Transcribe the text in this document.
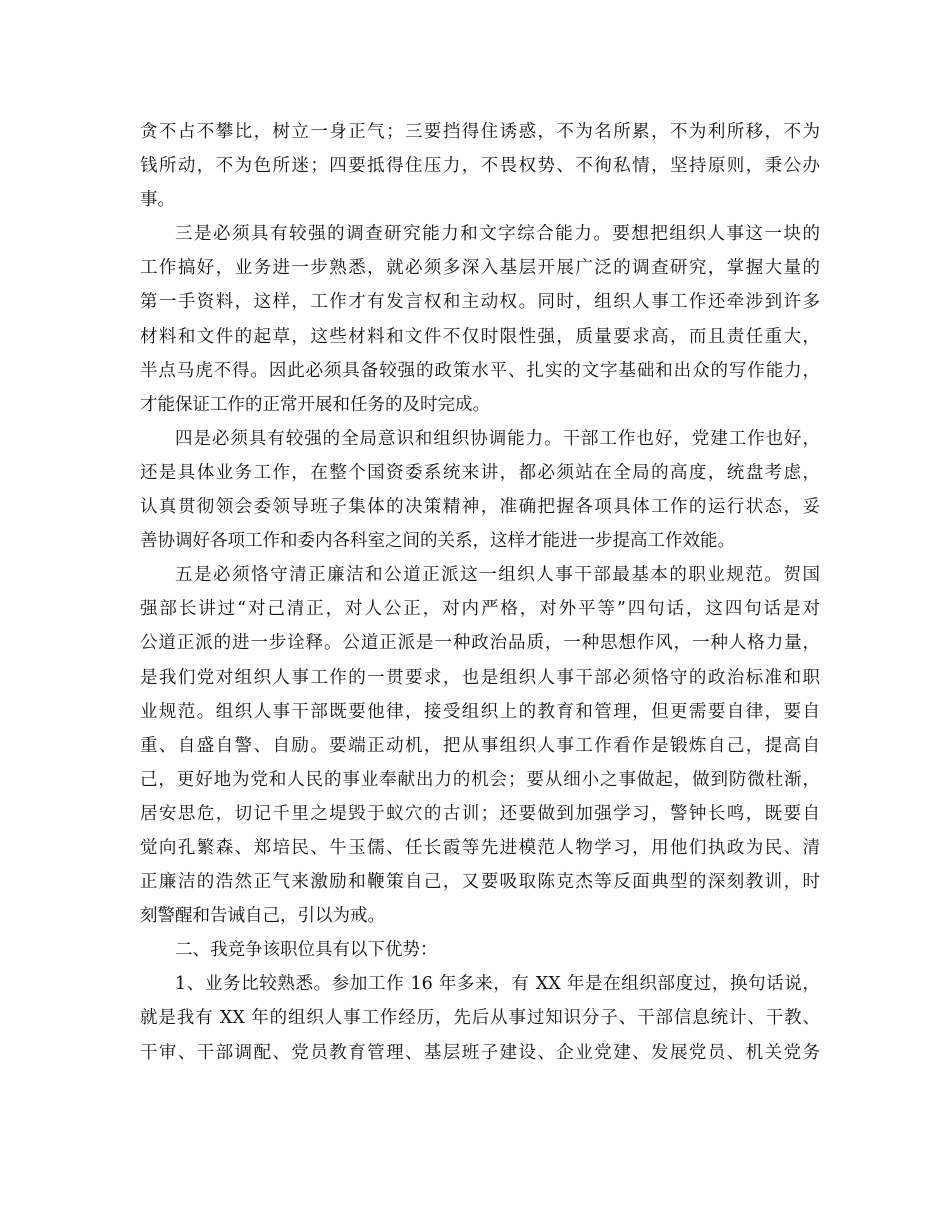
贪不占不攀比，树立一身正气；三要挡得住诱惑，不为名所累，不为利所移，不为
钱所动，不为色所迷；四要抵得住压力，不畏权势、不徇私情，坚持原则，秉公办
事。
三是必须具有较强的调查研究能力和文字综合能力。要想把组织人事这一块的
工作搞好，业务进一步熟悉，就必须多深入基层开展广泛的调查研究，掌握大量的
第一手资料，这样，工作才有发言权和主动权。同时，组织人事工作还牵涉到许多
材料和文件的起草，这些材料和文件不仅时限性强，质量要求高，而且责任重大，
半点马虎不得。因此必须具备较强的政策水平、扎实的文字基础和出众的写作能力，
才能保证工作的正常开展和任务的及时完成。
四是必须具有较强的全局意识和组织协调能力。干部工作也好，党建工作也好，
还是具体业务工作，在整个国资委系统来讲，都必须站在全局的高度，统盘考虑，
认真贯彻领会委领导班子集体的决策精神，准确把握各项具体工作的运行状态，妥
善协调好各项工作和委内各科室之间的关系，这样才能进一步提高工作效能。
五是必须恪守清正廉洁和公道正派这一组织人事干部最基本的职业规范。贺国
强部长讲过“对己清正，对人公正，对内严格，对外平等”四句话，这四句话是对
公道正派的进一步诠释。公道正派是一种政治品质，一种思想作风，一种人格力量，
是我们党对组织人事工作的一贯要求，也是组织人事干部必须恪守的政治标准和职
业规范。组织人事干部既要他律，接受组织上的教育和管理，但更需要自律，要自
重、自盛自警、自励。要端正动机，把从事组织人事工作看作是锻炼自己，提高自
己，更好地为党和人民的事业奉献出力的机会；要从细小之事做起，做到防微杜渐，
居安思危，切记千里之堤毁于蚁穴的古训；还要做到加强学习，警钟长鸣，既要自
觉向孔繁森、郑培民、牛玉儒、任长霞等先进模范人物学习，用他们执政为民、清
正廉洁的浩然正气来激励和鞭策自己，又要吸取陈克杰等反面典型的深刻教训，时
刻警醒和告诫自己，引以为戒。
二、我竞争该职位具有以下优势：
1、业务比较熟悉。参加工作 16 年多来，有 XX 年是在组织部度过，换句话说，
就是我有 XX 年的组织人事工作经历，先后从事过知识分子、干部信息统计、干教、
干审、干部调配、党员教育管理、基层班子建设、企业党建、发展党员、机关党务
